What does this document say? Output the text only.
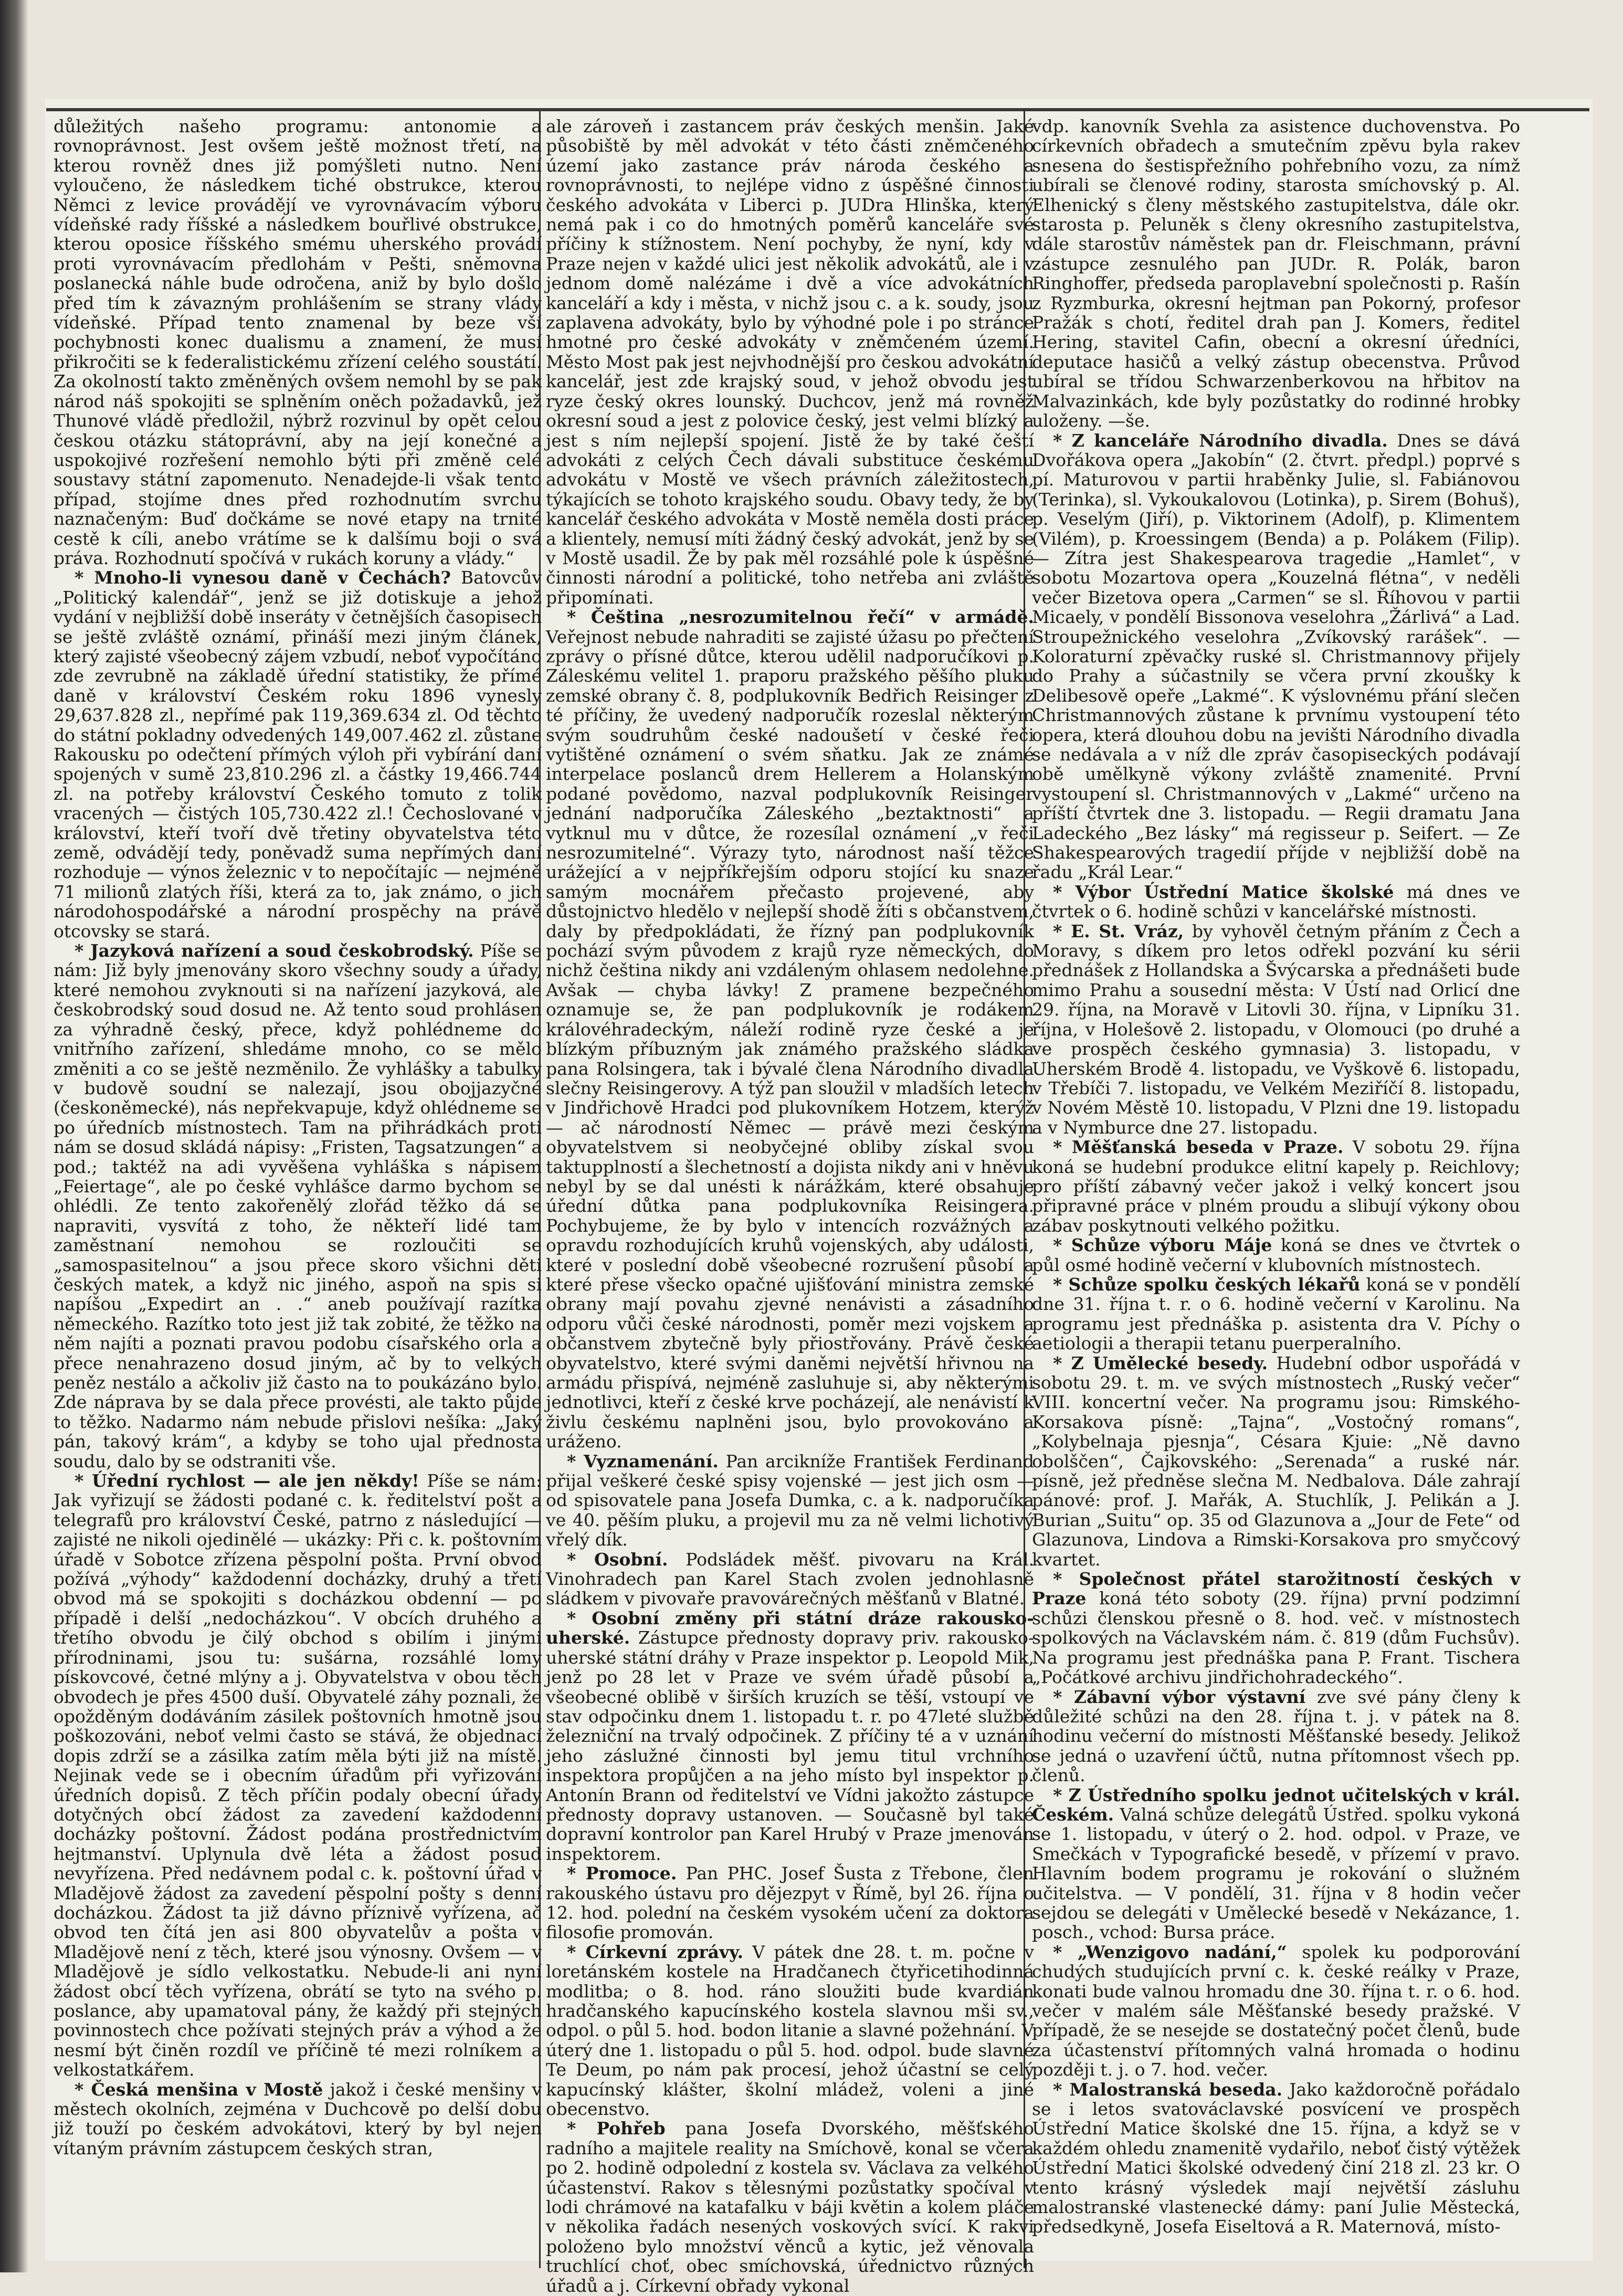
důležitých našeho programu: antonomie a rovnoprávnost. Jest ovšem ještě možnost třetí, na kterou rovněž dnes již pomýšleti nutno. Není vyloučeno, že následkem tiché obstrukce, kterou Němci z levice provádějí ve vyrovnávacím výboru vídeňské rady říšské a následkem bouřlivé obstrukce, kterou oposice říšského smému uherského provádí proti vyrovnávacím předlohám v Pešti, sněmovna poslanecká náhle bude odročena, aniž by bylo došlo před tím k závazným prohlášením se strany vlády vídeňské. Případ tento znamenal by beze vší pochybnosti konec dualismu a znamení, že musí přikročiti se k federalistickému zřízení celého soustátí. Za okolností takto změněných ovšem nemohl by se pak národ náš spokojiti se splněním oněch požadavků, jež Thunové vládě předložil, nýbrž rozvinul by opět celou českou otázku státoprávní, aby na její konečné a uspokojivé rozřešení nemohlo býti při změně celé soustavy státní zapomenuto. Nenadejde-li však tento případ, stojíme dnes před rozhodnutím svrchu naznačeným: Buď dočkáme se nové etapy na trnité cestě k cíli, anebo vrátíme se k dalšímu boji o svá práva. Rozhodnutí spočívá v rukách koruny a vlády.“

* Mnoho-li vynesou daně v Čechách? Batovcův „Politický kalendář“, jenž se již dotiskuje a jehož vydání v nejbližší době inseráty v četnějších časopisech se ještě zvláště oznámí, přináší mezi jiným článek, který zajisté všeobecný zájem vzbudí, neboť vypočítáno zde zevrubně na základě úřední statistiky, že přímé daně v království Českém roku 1896 vynesly 29,637.828 zl., nepřímé pak 119,369.634 zl. Od těchto do státní pokladny odvedených 149,007.462 zl. zůstane Rakousku po odečtení přímých výloh při vybírání daní spojených v sumě 23,810.296 zl. a částky 19,466.744 zl. na potřeby království Českého tomuto z tolik vracených — čistých 105,730.422 zl.! Čechoslované v království, kteří tvoří dvě třetiny obyvatelstva této země, odvádějí tedy, poněvadž suma nepřímých daní rozhoduje — výnos železnic v to nepočítajíc — nejméně 71 milionů zlatých říši, která za to, jak známo, o jich národohospodářské a národní prospěchy na právě otcovsky se stará.

* Jazyková nařízení a soud českobrodský. Píše se nám: Již byly jmenovány skoro všechny soudy a úřady, které nemohou zvyknouti si na nařízení jazyková, ale českobrodský soud dosud ne. Až tento soud prohlásen za výhradně český, přece, když pohlédneme do vnitřního zařízení, shledáme mnoho, co se mělo změniti a co se ještě nezměnilo. Že vyhlášky a tabulky v budově soudní se nalezají, jsou obojjazyčné (českoněmecké), nás nepřekvapuje, když ohlédneme se po úřednícb místnostech. Tam na přihrádkách proti nám se dosud skládá nápisy: „Fristen, Tagsatzungen“ a pod.; taktéž na adi vyvěšena vyhláška s nápisem „Feiertage“, ale po české vyhlášce darmo bychom se ohlédli. Ze tento zakořenělý zlořád těžko dá se napraviti, vysvítá z toho, že někteří lidé tam zaměstnaní nemohou se rozloučiti se „samospasitelnou“ a jsou přece skoro všichni děti českých matek, a když nic jiného, aspoň na spis si napíšou „Expedirt an . .“ aneb používají razítka německého. Razítko toto jest již tak zobité, že těžko na něm najíti a poznati pravou podobu císařského orla a přece nenahrazeno dosud jiným, ač by to velkých peněz nestálo a ačkoliv již často na to poukázáno bylo. Zde náprava by se dala přece provésti, ale takto půjde to těžko. Nadarmo nám nebude přislovi nešíka: „Jaký pán, takový krám“, a kdyby se toho ujal přednosta soudu, dalo by se odstraniti vše.

* Úřední rychlost — ale jen někdy! Píše se nám: Jak vyřizují se žádosti podané c. k. ředitelství pošt a telegrafů pro království České, patrno z následující — zajisté ne nikoli ojedinělé — ukázky: Při c. k. poštovním úřadě v Sobotce zřízena pěspolní pošta. První obvod požívá „výhody“ každodenní docházky, druhý a třetí obvod má se spokojiti s docházkou obdenní — po případě i delší „nedocházkou“. V obcích druhého a třetího obvodu je čilý obchod s obilím i jinými přírodninami, jsou tu: sušárna, rozsáhlé lomy pískovcové, četné mlýny a j. Obyvatelstva v obou těch obvodech je přes 4500 duší. Obyvatelé záhy poznali, že opožděným dodáváním zásilek poštovních hmotně jsou poškozováni, neboť velmi často se stává, že objednací dopis zdrží se a zásilka zatím měla býti již na místě. Nejinak vede se i obecním úřadům při vyřizování úředních dopisů. Z těch příčin podaly obecní úřady dotyčných obcí žádost za zavedení každodenní docházky poštovní. Žádost podána prostřednictvím hejtmanství. Uplynula dvě léta a žádost posud nevyřízena. Před nedávnem podal c. k. poštovní úřad v Mladějově žádost za zavedení pěspolní pošty s denní docházkou. Žádost ta již dávno příznivě vyřízena, ač obvod ten čítá jen asi 800 obyvatelův a pošta v Mladějově není z těch, které jsou výnosny. Ovšem — v Mladějově je sídlo velkostatku. Nebude-li ani nyní žádost obcí těch vyřízena, obrátí se tyto na svého p. poslance, aby upamatoval pány, že každý při stejných povinnostech chce požívati stejných práv a výhod a že nesmí být činěn rozdíl ve příčině té mezi rolníkem a velkostatkářem.

* Česká menšina v Mostě jakož i české menšiny v městech okolních, zejména v Duchcově po delší dobu již touží po českém advokátovi, který by byl nejen vítaným právním zástupcem českých stran,

ale zároveň i zastancem práv českých menšin. Jaké působiště by měl advokát v této části zněmčeného území jako zastance práv národa českého a rovnoprávnosti, to nejlépe vidno z úspěšné činnosti českého advokáta v Liberci p. JUDra Hlinška, který nemá pak i co do hmotných poměrů kanceláře své příčiny k stížnostem. Není pochyby, že nyní, kdy v Praze nejen v každé ulici jest několik advokátů, ale i v jednom domě nalézáme i dvě a více advokátních kanceláří a kdy i města, v nichž jsou c. a k. soudy, jsou zaplavena advokáty, bylo by výhodné pole i po stránce hmotné pro české advokáty v zněmčeném území. Město Most pak jest nejvhodnější pro českou advokátní kancelář, jest zde krajský soud, v jehož obvodu jest ryze český okres lounský. Duchcov, jenž má rovněž okresní soud a jest z polovice český, jest velmi blízký a jest s ním nejlepší spojení. Jistě že by také čeští advokáti z celých Čech dávali substituce českému advokátu v Mostě ve všech právních záležitostech, týkajících se tohoto krajského soudu. Obavy tedy, že by kancelář českého advokáta v Mostě neměla dosti práce a klientely, nemusí míti žádný český advokát, jenž by se v Mostě usadil. Že by pak měl rozsáhlé pole k úspěšné činnosti národní a politické, toho netřeba ani zvláště připomínati.

* Čeština „nesrozumitelnou řečí“ v armádě. Veřejnost nebude nahraditi se zajisté úžasu po přečtení zprávy o přísné důtce, kterou udělil nadporučíkovi p. Záleskému velitel 1. praporu pražského pěšího pluku zemské obrany č. 8, podplukovník Bedřich Reisinger z té příčiny, že uvedený nadporučík rozeslal některým svým soudruhům české nadoušetí v české řeči vytištěné oznámení o svém sňatku. Jak ze známé interpelace poslanců drem Hellerem a Holanským podané povědomo, nazval podplukovník Reisinger jednání nadporučíka Záleského „beztaktnosti“ a vytknul mu v důtce, že rozesílal oznámení „v řeči nesrozumitelné“. Výrazy tyto, národnost naší těžce urážející a v nejpříkřejším odporu stojící ku snaze samým mocnářem přečasto projevené, aby důstojnictvo hledělo v nejlepší shodě žíti s občanstvem, daly by předpokládati, že řízný pan podplukovník pochází svým původem z krajů ryze německých, do nichž čeština nikdy ani vzdáleným ohlasem nedolehne. Avšak — chyba lávky! Z pramene bezpečného oznamuje se, že pan podplukovník je rodákem královéhradeckým, náleží rodině ryze české a je blízkým příbuzným jak známého pražského sládka pana Rolsingera, tak i bývalé člena Národního divadla slečny Reisingerovy. A týž pan sloužil v mladších letech v Jindřichově Hradci pod plukovníkem Hotzem, kterýž — ač národností Němec — právě mezi českým obyvatelstvem si neobyčejné obliby získal svou taktupplností a šlechetností a dojista nikdy ani v hněvu nebyl by se dal unésti k nárážkám, které obsahuje úřední důtka pana podplukovníka Reisingera. Pochybujeme, že by bylo v intencích rozvážných a opravdu rozhodujících kruhů vojenských, aby události, které v poslední době všeobecné rozrušení působí a které přese všecko opačné ujišťování ministra zemské obrany mají povahu zjevné nenávisti a zásadního odporu vůči české národnosti, poměr mezi vojskem a občanstvem zbytečně byly přiostřovány. Právě české obyvatelstvo, které svými daněmi největší hřivnou na armádu přispívá, nejméně zasluhuje si, aby některými jednotlivci, kteří z české krve pocházejí, ale nenávistí k živlu českému naplněni jsou, bylo provokováno a uráženo.

* Vyznamenání. Pan arcikníže František Ferdinand přijal veškeré české spisy vojenské — jest jich osm — od spisovatele pana Josefa Dumka, c. a k. nadporučíka ve 40. pěším pluku, a projevil mu za ně velmi lichotivý vřelý dík.

* Osobní. Podsládek měšť. pivovaru na Král. Vinohradech pan Karel Stach zvolen jednohlasně sládkem v pivovaře pravovárečných měšťanů v Blatné.

* Osobní změny při státní dráze rakousko-uherské. Zástupce přednosty dopravy priv. rakousko-uherské státní dráhy v Praze inspektor p. Leopold Mik, jenž po 28 let v Praze ve svém úřadě působí a všeobecné oblibě v širších kruzích se těší, vstoupí ve stav odpočinku dnem 1. listopadu t. r. po 47leté službě železniční na trvalý odpočinek. Z příčiny té a v uznání jeho záslužné činnosti byl jemu titul vrchního inspektora propůjčen a na jeho místo byl inspektor p. Antonín Brann od ředitelství ve Vídni jakožto zástupce přednosty dopravy ustanoven. — Současně byl také dopravní kontrolor pan Karel Hrubý v Praze jmenován inspektorem.

* Promoce. Pan PHC. Josef Šusta z Třebone, člen rakouského ústavu pro dějezpyt v Římě, byl 26. října o 12. hod. polední na českém vysokém učení za doktora filosofie promován.

* Církevní zprávy. V pátek dne 28. t. m. počne v loretánském kostele na Hradčanech čtyřicetihodinná modlitba; o 8. hod. ráno sloužiti bude kvardián hradčanského kapucínského kostela slavnou mši sv., odpol. o půl 5. hod. bodon litanie a slavné požehnání. V úterý dne 1. listopadu o půl 5. hod. odpol. bude slavné Te Deum, po nám pak procesí, jehož účastní se celý kapucínský klášter, školní mládež, voleni a jiné obecenstvo.

* Pohřeb pana Josefa Dvorského, měšťského radního a majitele reality na Smíchově, konal se včera po 2. hodině odpolední z kostela sv. Václava za velkého účastenství. Rakov s tělesnými pozůstatky spočíval v lodi chrámové na katafalku v báji květin a kolem pláče v několika řadách nesených voskových svící. K rakvi položeno bylo množství věnců a kytic, jež věnovala truchlící choť, obec smíchovská, úřednictvo různých úřadů a j. Církevní obřady vykonal

vdp. kanovník Svehla za asistence duchovenstva. Po církevních obřadech a smutečním zpěvu byla rakev snesena do šestispřežního pohřebního vozu, za nímž ubírali se členové rodiny, starosta smíchovský p. Al. Elhenický s členy městského zastupitelstva, dále okr. starosta p. Peluněk s členy okresního zastupitelstva, dále starostův náměstek pan dr. Fleischmann, právní zástupce zesnulého pan JUDr. R. Polák, baron Ringhoffer, předseda paroplavební společnosti p. Rašín z Ryzmburka, okresní hejtman pan Pokorný, profesor Pražák s chotí, ředitel drah pan J. Komers, ředitel Hering, stavitel Cafin, obecní a okresní úředníci, deputace hasičů a velký zástup obecenstva. Průvod ubíral se třídou Schwarzenberkovou na hřbitov na Malvazinkách, kde byly pozůstatky do rodinné hrobky uloženy. —še.

* Z kanceláře Národního divadla. Dnes se dává Dvořákova opera „Jakobín“ (2. čtvrt. předpl.) poprvé s pí. Maturovou v partii hraběnky Julie, sl. Fabiánovou (Terinka), sl. Vykoukalovou (Lotinka), p. Sirem (Bohuš), p. Veselým (Jiří), p. Viktorinem (Adolf), p. Klimentem (Vilém), p. Kroessingem (Benda) a p. Polákem (Filip). — Zítra jest Shakespearova tragedie „Hamlet“, v sobotu Mozartova opera „Kouzelná flétna“, v neděli večer Bizetova opera „Carmen“ se sl. Říhovou v partii Micaely, v pondělí Bissonova veselohra „Žárlivá“ a Lad. Stroupežnického veselohra „Zvíkovský rarášek“. — Koloraturní zpěvačky ruské sl. Christmannovy přijely do Prahy a súčastnily se včera první zkoušky k Delibesově opeře „Lakmé“. K výslovnému přání slečen Christmannových zůstane k prvnímu vystoupení této opera, která dlouhou dobu na jevišti Národního divadla se nedávala a v níž dle zpráv časopiseckých podávají obě umělkyně výkony zvláště znamenité. První vystoupení sl. Christmannových v „Lakmé“ určeno na příští čtvrtek dne 3. listopadu. — Regii dramatu Jana Ladeckého „Bez lásky“ má regisseur p. Seifert. — Ze Shakespearových tragedií příjde v nejbližší době na řadu „Král Lear.“

* Výbor Ústřední Matice školské má dnes ve čtvrtek o 6. hodině schůzi v kancelářské místnosti.

* E. St. Vráz, by vyhověl četným přáním z Čech a Moravy, s díkem pro letos odřekl pozvání ku sérii přednášek z Hollandska a Švýcarska a přednášeti bude mimo Prahu a sousední města: V Ústí nad Orlicí dne 29. října, na Moravě v Litovli 30. října, v Lipníku 31. října, v Holešově 2. listopadu, v Olomouci (po druhé a ve prospěch českého gymnasia) 3. listopadu, v Uherském Brodě 4. listopadu, ve Vyškově 6. listopadu, v Třebíči 7. listopadu, ve Velkém Meziříčí 8. listopadu, v Novém Městě 10. listopadu, V Plzni dne 19. listopadu a v Nymburce dne 27. listopadu.

* Měšťanská beseda v Praze. V sobotu 29. října koná se hudební produkce elitní kapely p. Reichlovy; pro příští zábavný večer jakož i velký koncert jsou připravné práce v plném proudu a slibují výkony obou zábav poskytnouti velkého požitku.

* Schůze výboru Máje koná se dnes ve čtvrtek o půl osmé hodině večerní v klubovních místnostech.

* Schůze spolku českých lékařů koná se v pondělí dne 31. října t. r. o 6. hodině večerní v Karolinu. Na programu jest přednáška p. asistenta dra V. Píchy o aetiologii a therapii tetanu puerperalního.

* Z Umělecké besedy. Hudební odbor uspořádá v sobotu 29. t. m. ve svých místnostech „Ruský večer“ VIII. koncertní večer. Na programu jsou: Rimského-Korsakova písně: „Tajna“, „Vostočný romans“, „Kolybelnaja pjesnja“, Césara Kjuie: „Ně davno obolščen“, Čajkovského: „Serenada“ a ruské nár. písně, jež předněse slečna M. Nedbalova. Dále zahrají pánové: prof. J. Mařák, A. Stuchlík, J. Pelikán a J. Burian „Suitu“ op. 35 od Glazunova a „Jour de Fete“ od Glazunova, Lindova a Rimski-Korsakova pro smyčcový kvartet.

* Společnost přátel starožitností českých v Praze koná této soboty (29. října) první podzimní schůzi členskou přesně o 8. hod. več. v místnostech spolkových na Václavském nám. č. 819 (dům Fuchsův). Na programu jest přednáška pana P. Frant. Tischera „Počátkové archivu jindřichohradeckého“.

* Zábavní výbor výstavní zve své pány členy k důležité schůzi na den 28. října t. j. v pátek na 8. hodinu večerní do místnosti Měšťanské besedy. Jelikož se jedná o uzavření účtů, nutna přítomnost všech pp. členů.

* Z Ústředního spolku jednot učitelských v král. Českém. Valná schůze delegátů Ústřed. spolku vykoná se 1. listopadu, v úterý o 2. hod. odpol. v Praze, ve Smečkách v Typografické besedě, v přízemí v pravo. Hlavním bodem programu je rokování o služném učitelstva. — V pondělí, 31. října v 8 hodin večer sejdou se delegáti v Umělecké besedě v Nekázance, 1. posch., vchod: Bursa práce.

* „Wenzigovo nadání,“ spolek ku podporování chudých studujících první c. k. české reálky v Praze, konati bude valnou hromadu dne 30. října t. r. o 6. hod. večer v malém sále Měšťanské besedy pražské. V případě, že se nesejde se dostatečný počet členů, bude za účastenství přítomných valná hromada o hodinu později t. j. o 7. hod. večer.

* Malostranská beseda. Jako každoročně pořádalo se i letos svatováclavské posvícení ve prospěch Ústřední Matice školské dne 15. října, a když se v každém ohledu znamenitě vydařilo, neboť čistý výtěžek Ústřední Matici školské odvedený činí 218 zl. 23 kr. O tento krásný výsledek mají největší zásluhu malostranské vlastenecké dámy: paní Julie Městecká, předsedkyně, Josefa Eiseltová a R. Maternová, místo-
